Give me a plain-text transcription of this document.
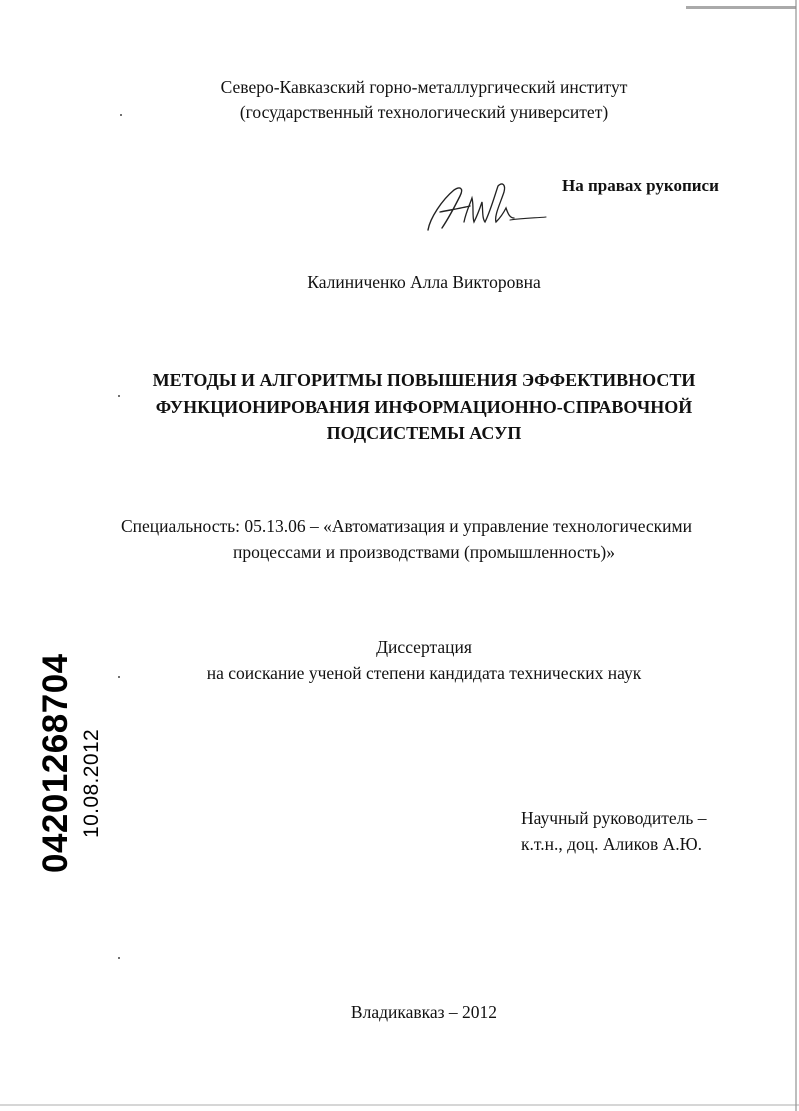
Северо-Кавказский горно-металлургический институт
(государственный технологический университет)
На правах рукописи
Калиниченко Алла Викторовна
МЕТОДЫ И АЛГОРИТМЫ ПОВЫШЕНИЯ ЭФФЕКТИВНОСТИ
ФУНКЦИОНИРОВАНИЯ ИНФОРМАЦИОННО-СПРАВОЧНОЙ
ПОДСИСТЕМЫ АСУП
Специальность: 05.13.06 – «Автоматизация и управление технологическими
процессами и производствами (промышленность)»
Диссертация
на соискание ученой степени кандидата технических наук
Научный руководитель –
к.т.н., доц. Аликов А.Ю.
Владикавказ – 2012
04201268704 10.08.2012
